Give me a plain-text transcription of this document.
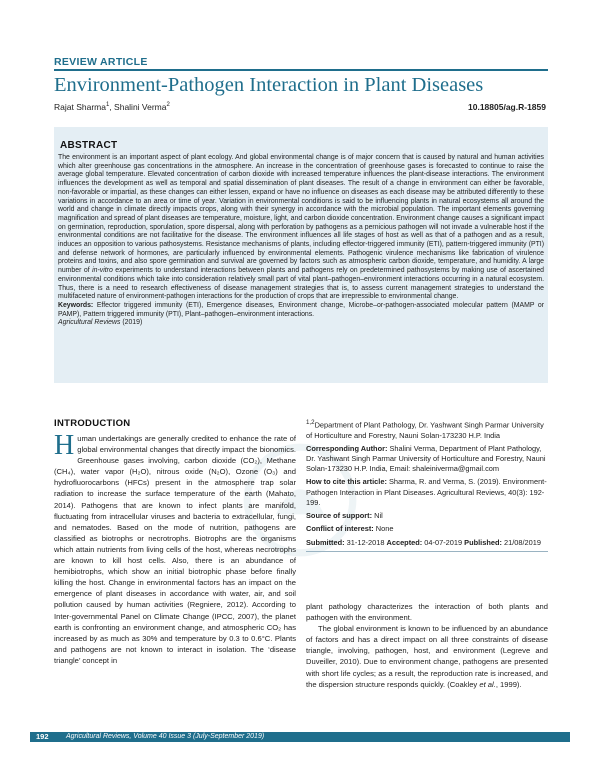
REVIEW ARTICLE
Environment-Pathogen Interaction in Plant Diseases
Rajat Sharma$^1$, Shalini Verma$^2$	10.18805/ag.R-1859
ABSTRACT

The environment is an important aspect of plant ecology. And global environmental change is of major concern that is caused by natural and human activities which alter greenhouse gas concentrations in the atmosphere. An increase in the concentration of greenhouse gases is forecasted to continue to raise the average global temperature. Elevated concentration of carbon dioxide with increased temperature influences the plant-disease interactions. The environment influences the development as well as temporal and spatial dissemination of plant diseases. The result of a change in environment can either be favorable, non-favorable or impartial, as these changes can either lessen, expand or have no influence on diseases as each disease may be attributed differently to these variations in accordance to an area or time of year. Variation in environmental conditions is said to be influencing plants in natural ecosystems all around the world and change in climate directly impacts crops, along with their synergy in accordance with the microbial population. The important elements governing magnification and spread of plant diseases are temperature, moisture, light, and carbon dioxide concentration. Environment change causes a significant impact on germination, reproduction, sporulation, spore dispersal, along with perforation by pathogens as a pernicious pathogen will not invade a vulnerable host if the environmental conditions are not facilitative for the disease. The environment influences all life stages of host as well as that of a pathogen and as a result, induces an opposition to various pathosystems. Resistance mechanisms of plants, including effector-triggered immunity (ETI), pattern-triggered immunity (PTI) and defense network of hormones, are particularly influenced by environmental elements. Pathogenic virulence mechanisms like fabrication of virulence proteins and toxins, and also spore germination and survival are governed by factors such as atmospheric carbon dioxide, temperature, and humidity. A large number of in-vitro experiments to understand interactions between plants and pathogens rely on predetermined pathosystems by making use of ascertained environmental conditions which take into consideration relatively small part of vital plant–pathogen–environment interactions occurring in a natural ecosystem. Thus, there is a need to research effectiveness of disease management strategies that is, to assess current management strategies to understand the multifaceted nature of environment-pathogen interactions for the production of crops that are irrepressible to environmental change.

Keywords: Effector triggered immunity (ETI), Emergence diseases, Environment change, Microbe–or-pathogen-associated molecular pattern (MAMP or PAMP), Pattern triggered immunity (PTI), Plant–pathogen–environment interactions.

Agricultural Reviews (2019)

INTRODUCTION

Human undertakings are generally credited to enhance the rate of global environmental changes that directly impact the bionomics. Greenhouse gases involving, carbon dioxide (CO₂), Methane (CH₄), water vapor (H₂O), nitrous oxide (N₂O), Ozone (O₃) and hydrofluorocarbons (HFCs) present in the atmosphere trap solar radiation to increase the surface temperature of the earth (Mahato, 2014). Pathogens that are known to infect plants are manifold, fluctuating from intracellular viruses and bacteria to extracellular, fungi, and nematodes. Based on the mode of nutrition, pathogens are classified as biotrophs or necrotrophs. Biotrophs are the organisms which attain nutrients from living cells of the host, whereas necrotrophs are known to kill host cells. Also, there is an abundance of hemibiotrophs, which show an initial biotrophic phase before finally killing the host. Change in environmental factors has an impact on the emergence of plant diseases in accordance with water, air, and soil pollution caused by human activities (Regniere, 2012). According to Inter-governmental Panel on Climate Change (IPCC, 2007), the planet earth is confronting an environment change, and atmospheric CO₂ has increased by as much as 30% and temperature by 0.3 to 0.6°C. Plants and pathogens are not known to interact in isolation. The ‘disease triangle’ concept in

$^{1,2}$Department of Plant Pathology, Dr. Yashwant Singh Parmar University of Horticulture and Forestry, Nauni Solan-173230 H.P. India

Corresponding Author: Shalini Verma, Department of Plant Pathology, Dr. Yashwant Singh Parmar University of Horticulture and Forestry, Nauni Solan-173230 H.P. India, Email: shaleiniverma@gmail.com

How to cite this article: Sharma, R. and Verma, S. (2019). Environment-Pathogen Interaction in Plant Diseases. Agricultural Reviews, 40(3): 192-199.

Source of support: Nil

Conflict of interest: None

Submitted: 31-12-2018 Accepted: 04-07-2019 Published: 21/08/2019

plant pathology characterizes the interaction of both plants and pathogen with the environment.

The global environment is known to be influenced by an abundance of factors and has a direct impact on all three constraints of disease triangle, involving, pathogen, host, and environment (Legreve and Duveiller, 2010). Due to environment change, pathogens are presented with short life cycles; as a result, the reproduction rate is increased, and the dispersion structure responds quickly. (Coakley et al., 1999).

192 Agricultural Reviews, Volume 40 Issue 3 (July-September 2019)
